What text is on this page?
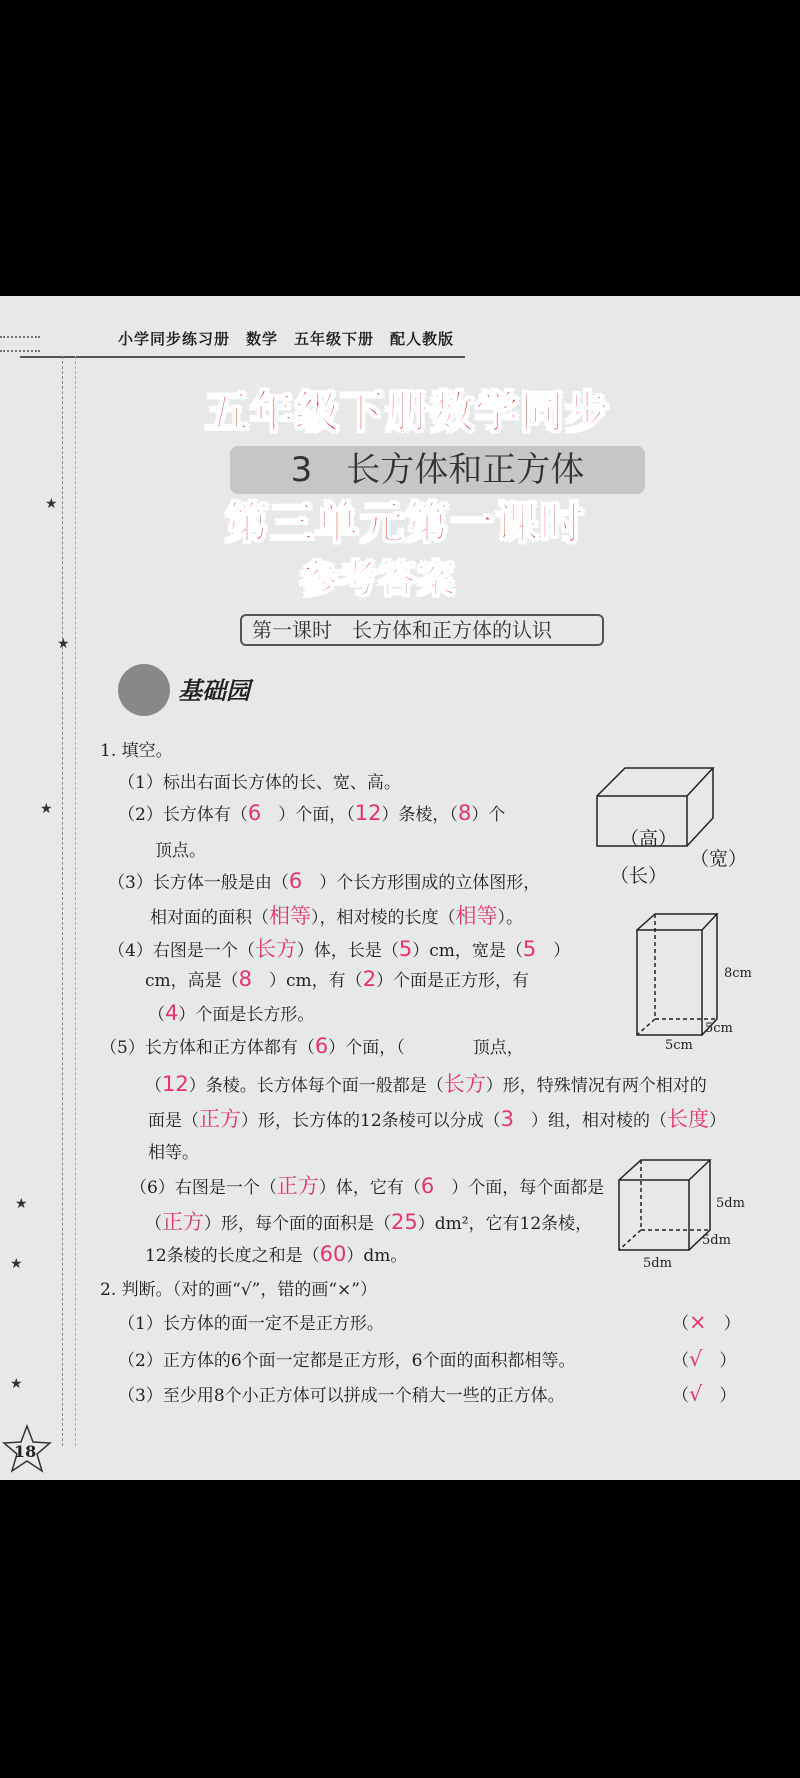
小学同步练习册　数学　五年级下册　配人教版
★
★
★
★
★
★
3　长方体和正方体
第一课时　长方体和正方体的认识
五年级下册数学同步
第三单元第一课时
参考答案
基础园
1. 填空。
（1）标出右面长方体的长、宽、高。
（2）长方体有（6　）个面，（12）条棱，（8）个
顶点。
（3）长方体一般是由（6　）个长方形围成的立体图形，
相对面的面积（相等），相对棱的长度（相等）。
（4）右图是一个（长方）体，长是（5）cm，宽是（5　）
cm，高是（8　）cm，有（2）个面是正方形，有
（4）个面是长方形。
（5）长方体和正方体都有（6）个面，（　　　　顶点，
（12）条棱。长方体每个面一般都是（长方）形，特殊情况有两个相对的
面是（正方）形，长方体的12条棱可以分成（3　）组，相对棱的（长度）
相等。
（6）右图是一个（正方）体，它有（6　）个面，每个面都是
（正方）形，每个面的面积是（25）dm²，它有12条棱，
12条棱的长度之和是（60）dm。
2. 判断。（对的画“√”，错的画“×”）
（1）长方体的面一定不是正方形。
（2）正方体的6个面一定都是正方形，6个面的面积都相等。
（3）至少用8个小正方体可以拼成一个稍大一些的正方体。
（×　）
（√　）
（√　）
（高）
（宽）
（长）
8cm
5cm
5cm
5dm
5dm
5dm
18
